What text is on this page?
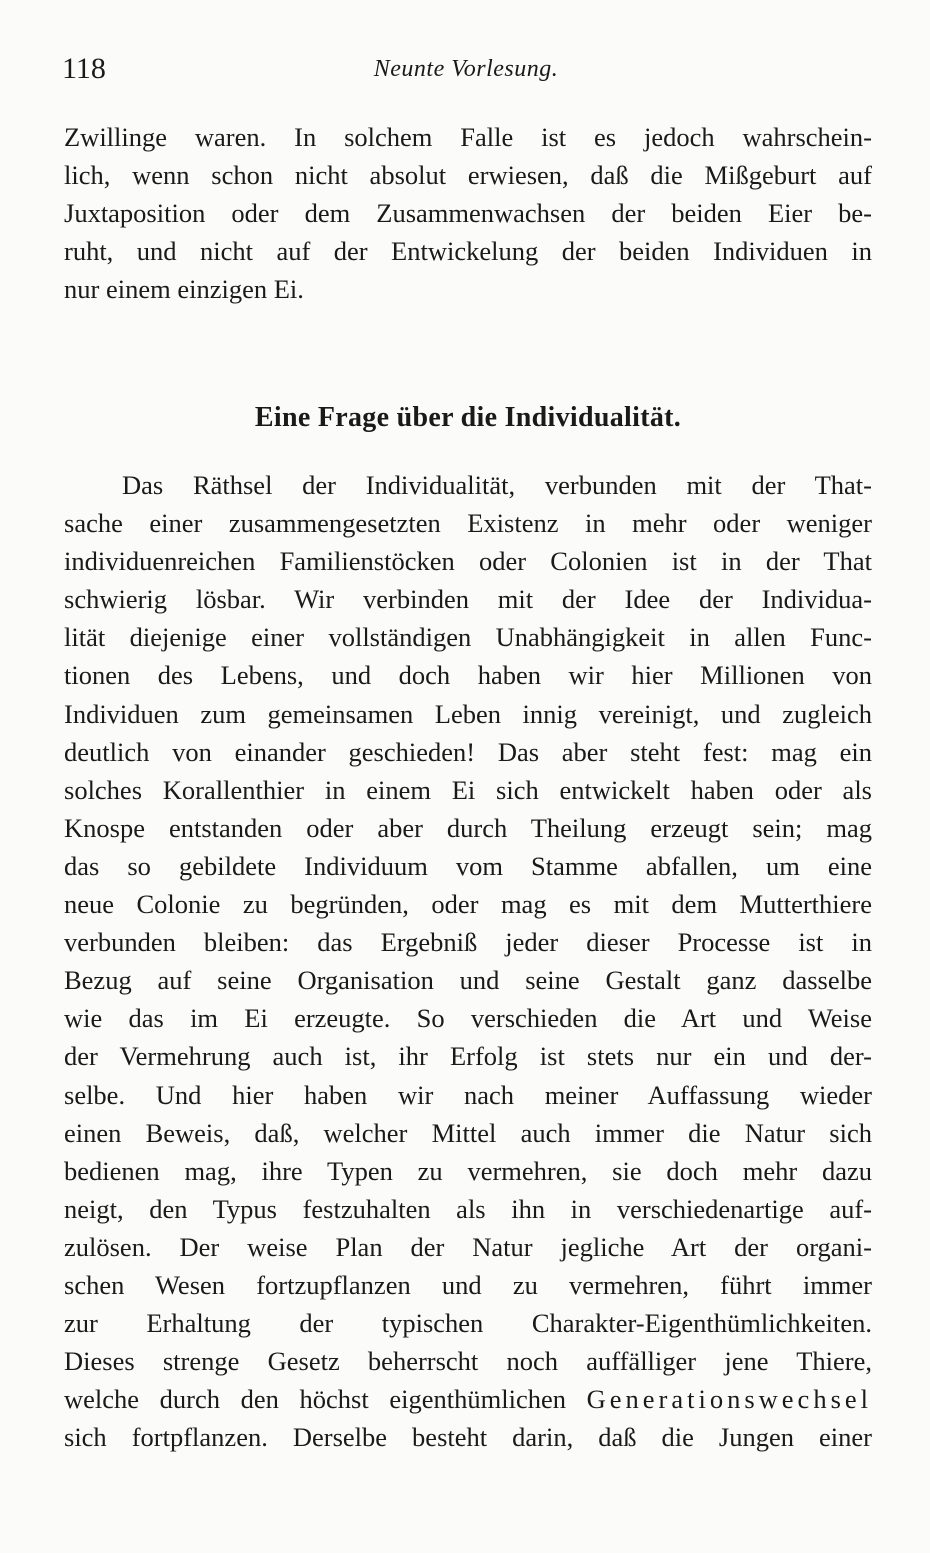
118	Neunte Vorlesung.
Zwillinge waren. In solchem Falle ist es jedoch wahrschein-
lich, wenn schon nicht absolut erwiesen, daß die Mißgeburt auf
Juxtaposition oder dem Zusammenwachsen der beiden Eier be-
ruht, und nicht auf der Entwickelung der beiden Individuen in
nur einem einzigen Ei.
Eine Frage über die Individualität.
Das Räthsel der Individualität, verbunden mit der That-
sache einer zusammengesetzten Existenz in mehr oder weniger
individuenreichen Familienstöcken oder Colonien ist in der That
schwierig lösbar. Wir verbinden mit der Idee der Individua-
lität diejenige einer vollständigen Unabhängigkeit in allen Func-
tionen des Lebens, und doch haben wir hier Millionen von
Individuen zum gemeinsamen Leben innig vereinigt, und zugleich
deutlich von einander geschieden! Das aber steht fest: mag ein
solches Korallenthier in einem Ei sich entwickelt haben oder als
Knospe entstanden oder aber durch Theilung erzeugt sein; mag
das so gebildete Individuum vom Stamme abfallen, um eine
neue Colonie zu begründen, oder mag es mit dem Mutterthiere
verbunden bleiben: das Ergebniß jeder dieser Processe ist in
Bezug auf seine Organisation und seine Gestalt ganz dasselbe
wie das im Ei erzeugte. So verschieden die Art und Weise
der Vermehrung auch ist, ihr Erfolg ist stets nur ein und der-
selbe. Und hier haben wir nach meiner Auffassung wieder
einen Beweis, daß, welcher Mittel auch immer die Natur sich
bedienen mag, ihre Typen zu vermehren, sie doch mehr dazu
neigt, den Typus festzuhalten als ihn in verschiedenartige auf-
zulösen. Der weise Plan der Natur jegliche Art der organi-
schen Wesen fortzupflanzen und zu vermehren, führt immer
zur Erhaltung der typischen Charakter-Eigenthümlichkeiten.
Dieses strenge Gesetz beherrscht noch auffälliger jene Thiere,
welche durch den höchst eigenthümlichen Generationswechsel
sich fortpflanzen. Derselbe besteht darin, daß die Jungen einer
